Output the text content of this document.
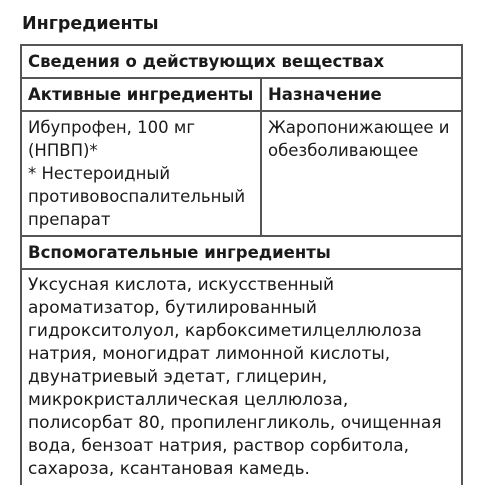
Ингредиенты
Сведения о действующих веществах	
Активные ингредиенты	Назначение

Ибупрофен, 100 мг
(НПВП)*
* Нестероидный противовоспалительный препарат	Жаропонижающее и обезболивающее

Вспомогательные ингредиенты	

Уксусная кислота, искусственный ароматизатор, бутилированный гидрокситолуол, карбоксиметилцеллюлоза натрия, моногидрат лимонной кислоты, двунатриевый эдетат, глицерин, микрокристаллическая целлюлоза, полисорбат 80, пропиленгликоль, очищенная вода, бензоат натрия, раствор сорбитола, сахароза, ксантановая камедь.	
